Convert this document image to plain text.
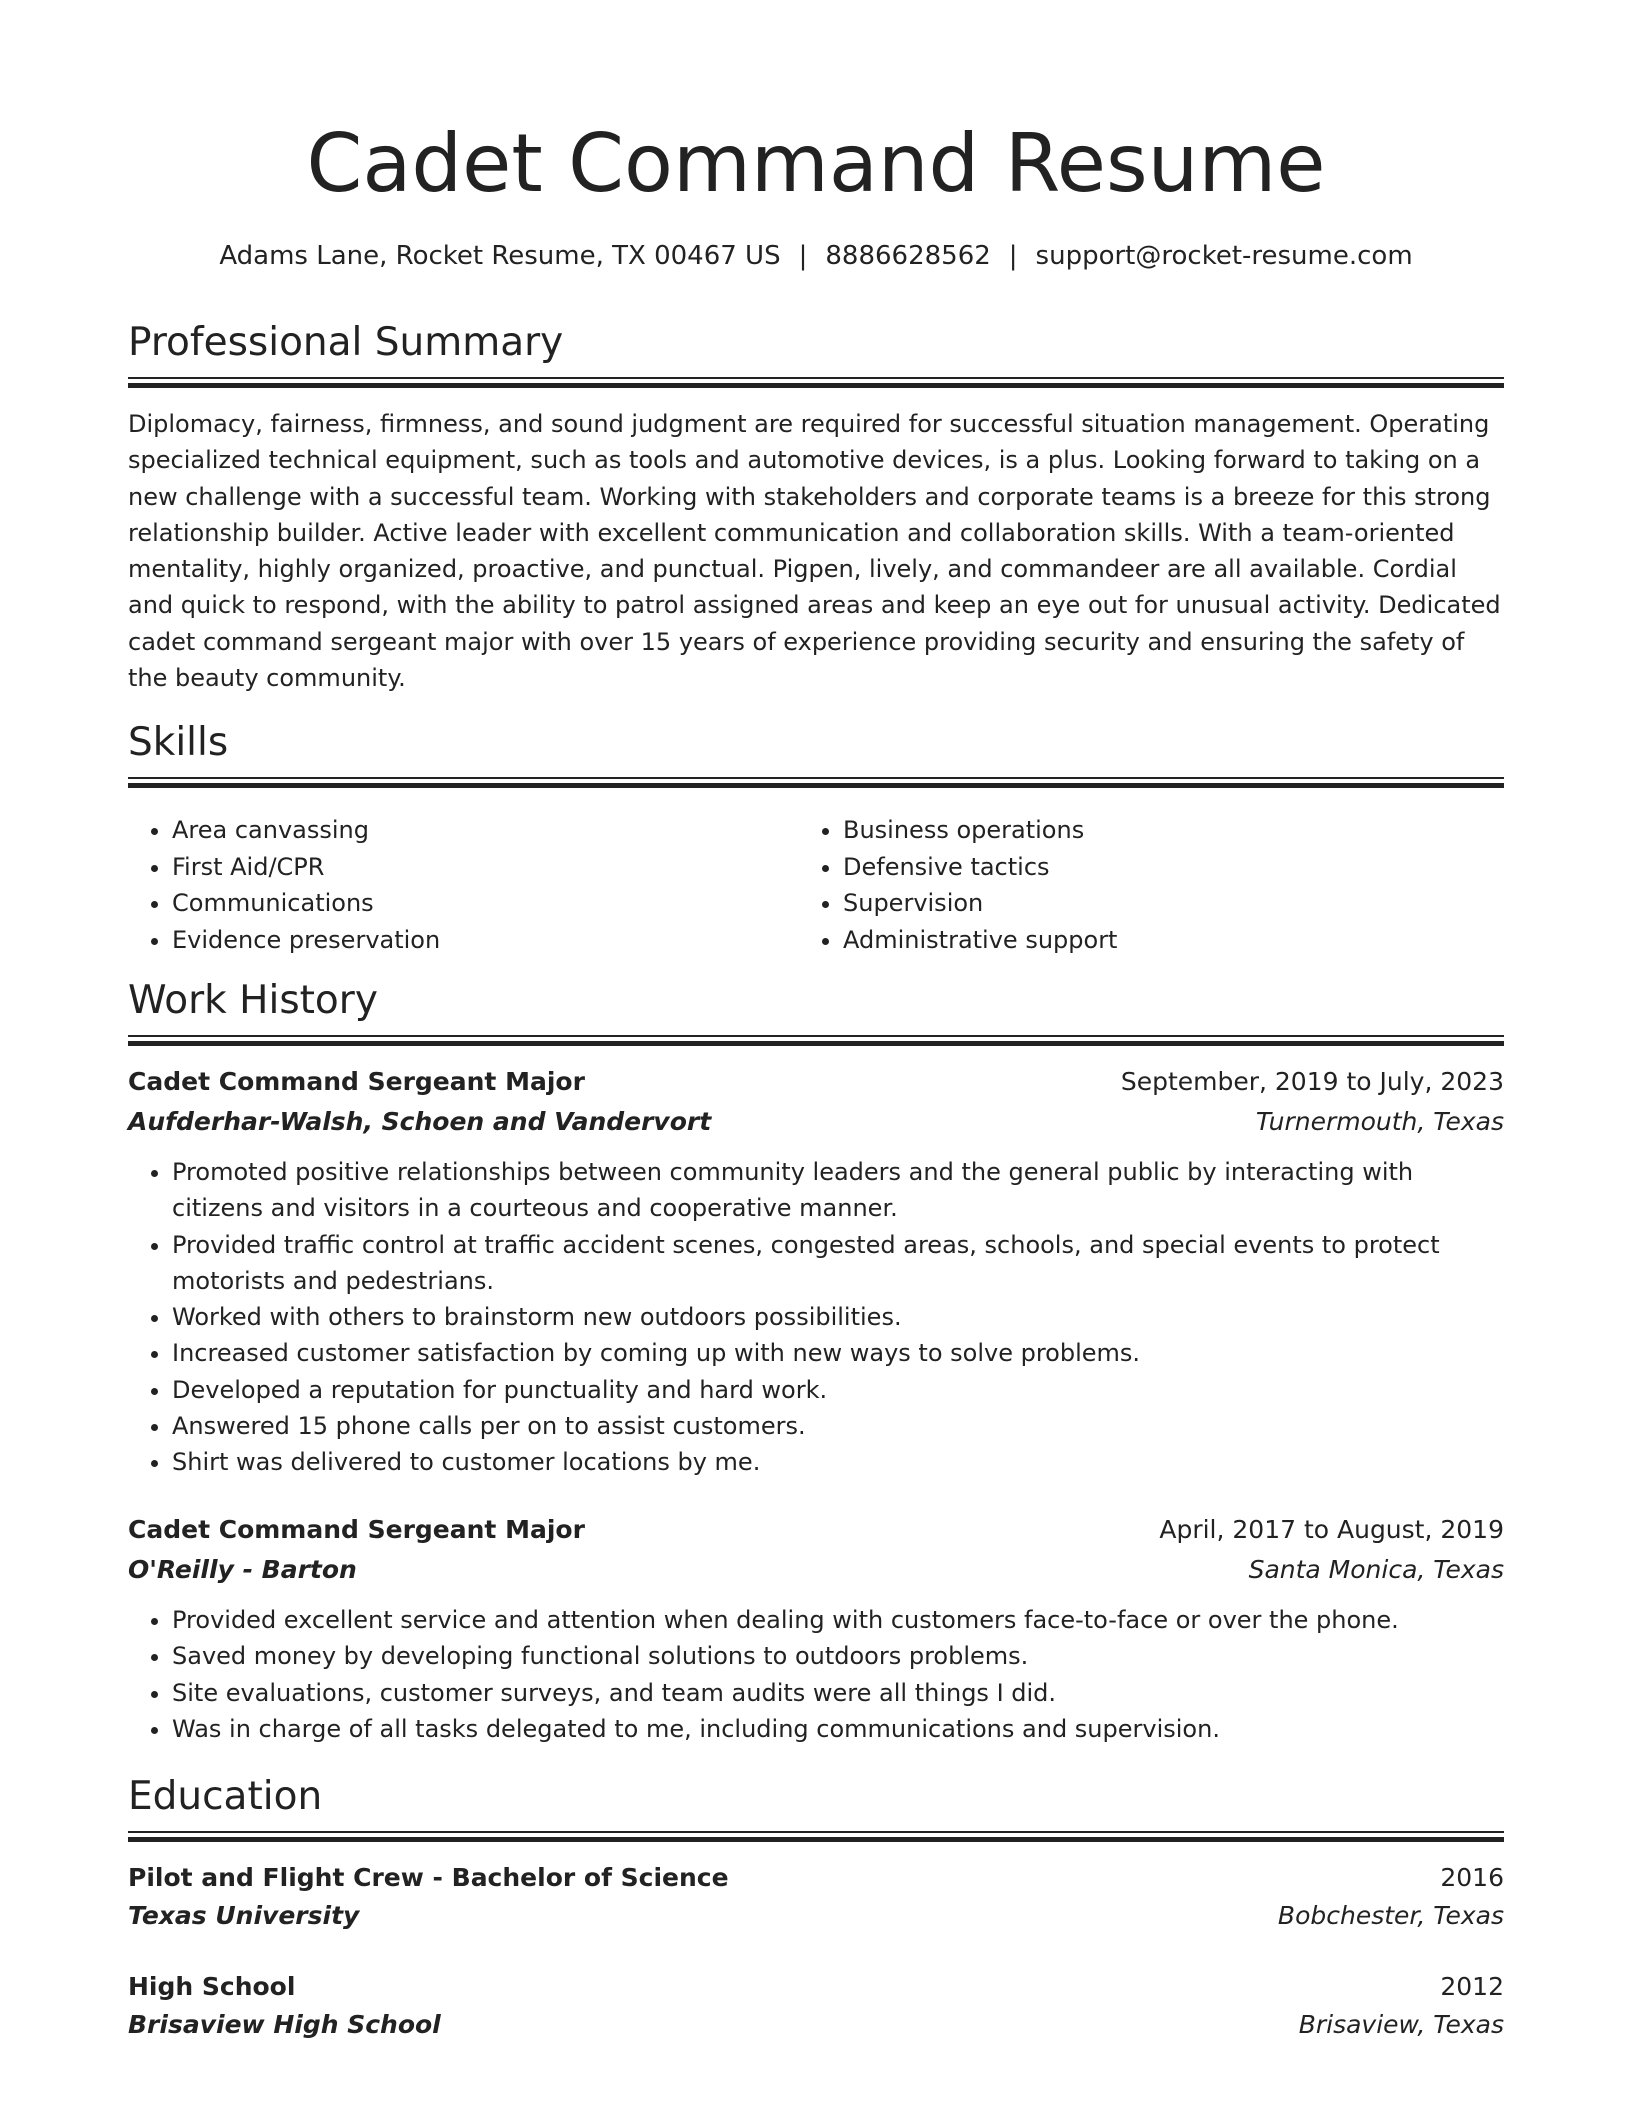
Cadet Command Resume
Adams Lane, Rocket Resume, TX 00467 US | 8886628562 | support@rocket-resume.com
Professional Summary
Diplomacy, fairness, firmness, and sound judgment are required for successful situation management. Operating specialized technical equipment, such as tools and automotive devices, is a plus. Looking forward to taking on a new challenge with a successful team. Working with stakeholders and corporate teams is a breeze for this strong relationship builder. Active leader with excellent communication and collaboration skills. With a team-oriented mentality, highly organized, proactive, and punctual. Pigpen, lively, and commandeer are all available. Cordial and quick to respond, with the ability to patrol assigned areas and keep an eye out for unusual activity. Dedicated cadet command sergeant major with over 15 years of experience providing security and ensuring the safety of the beauty community.
Skills
• Area canvassing
• First Aid/CPR
• Communications
• Evidence preservation
• Business operations
• Defensive tactics
• Supervision
• Administrative support
Work History
Cadet Command Sergeant Major	September, 2019 to July, 2023
Aufderhar-Walsh, Schoen and Vandervort	Turnermouth, Texas
• Promoted positive relationships between community leaders and the general public by interacting with citizens and visitors in a courteous and cooperative manner.
• Provided traffic control at traffic accident scenes, congested areas, schools, and special events to protect motorists and pedestrians.
• Worked with others to brainstorm new outdoors possibilities.
• Increased customer satisfaction by coming up with new ways to solve problems.
• Developed a reputation for punctuality and hard work.
• Answered 15 phone calls per on to assist customers.
• Shirt was delivered to customer locations by me.
Cadet Command Sergeant Major	April, 2017 to August, 2019
O'Reilly - Barton	Santa Monica, Texas
• Provided excellent service and attention when dealing with customers face-to-face or over the phone.
• Saved money by developing functional solutions to outdoors problems.
• Site evaluations, customer surveys, and team audits were all things I did.
• Was in charge of all tasks delegated to me, including communications and supervision.
Education
Pilot and Flight Crew - Bachelor of Science	2016
Texas University	Bobchester, Texas
High School	2012
Brisaview High School	Brisaview, Texas
